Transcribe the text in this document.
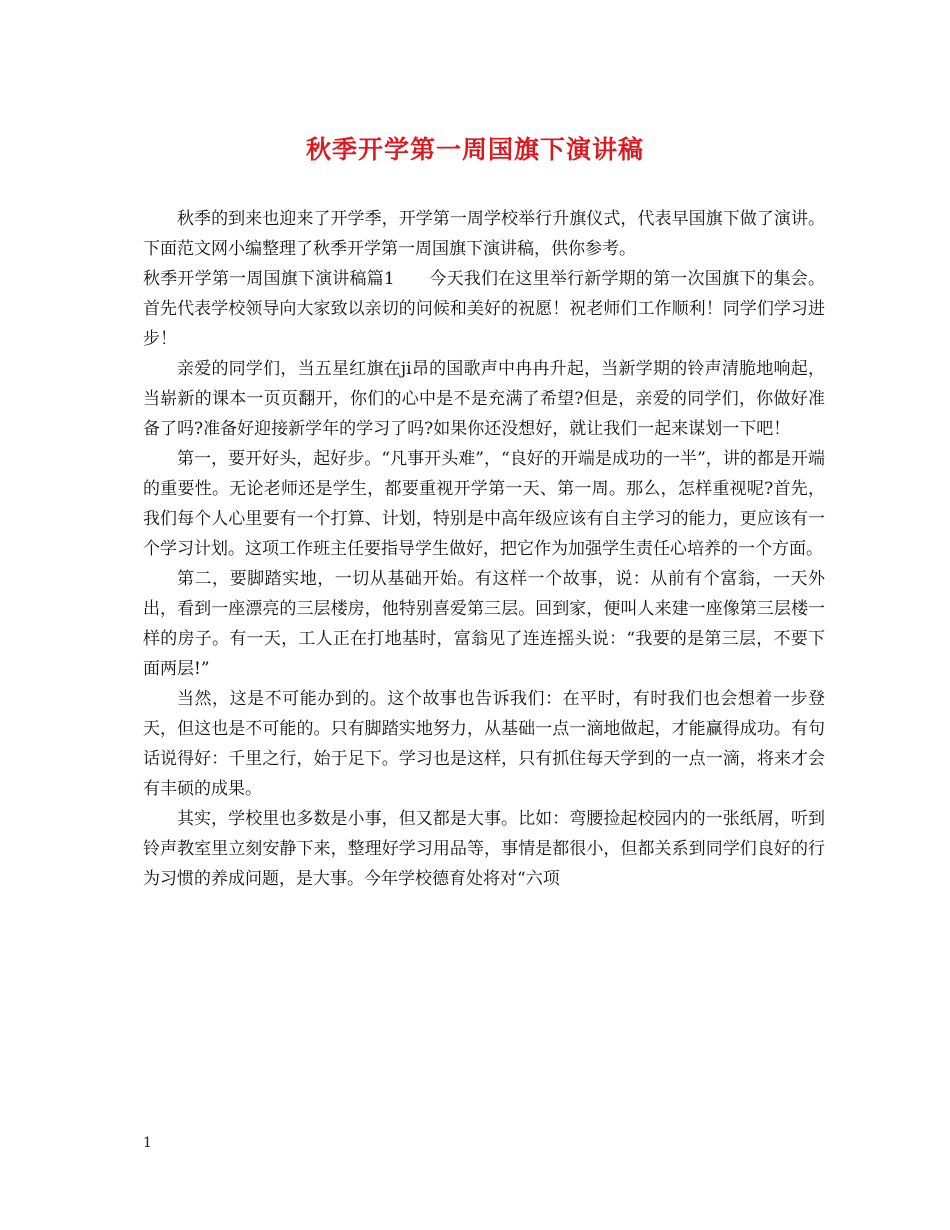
秋季开学第一周国旗下演讲稿

秋季的到来也迎来了开学季，开学第一周学校举行升旗仪式，代表早国旗下做了演讲。下面范文网小编整理了秋季开学第一周国旗下演讲稿，供你参考。

秋季开学第一周国旗下演讲稿篇1　　今天我们在这里举行新学期的第一次国旗下的集会。首先代表学校领导向大家致以亲切的问候和美好的祝愿！祝老师们工作顺利！同学们学习进步！

亲爱的同学们，当五星红旗在ji昂的国歌声中冉冉升起，当新学期的铃声清脆地响起，当崭新的课本一页页翻开，你们的心中是不是充满了希望?但是，亲爱的同学们，你做好准备了吗?准备好迎接新学年的学习了吗?如果你还没想好，就让我们一起来谋划一下吧！

第一，要开好头，起好步。“凡事开头难”，“良好的开端是成功的一半”，讲的都是开端的重要性。无论老师还是学生，都要重视开学第一天、第一周。那么，怎样重视呢?首先，我们每个人心里要有一个打算、计划，特别是中高年级应该有自主学习的能力，更应该有一个学习计划。这项工作班主任要指导学生做好，把它作为加强学生责任心培养的一个方面。

第二，要脚踏实地，一切从基础开始。有这样一个故事，说：从前有个富翁，一天外出，看到一座漂亮的三层楼房，他特别喜爱第三层。回到家，便叫人来建一座像第三层楼一样的房子。有一天，工人正在打地基时，富翁见了连连摇头说：“我要的是第三层，不要下面两层!”

当然，这是不可能办到的。这个故事也告诉我们：在平时，有时我们也会想着一步登天，但这也是不可能的。只有脚踏实地努力，从基础一点一滴地做起，才能赢得成功。有句话说得好：千里之行，始于足下。学习也是这样，只有抓住每天学到的一点一滴，将来才会有丰硕的成果。

其实，学校里也多数是小事，但又都是大事。比如：弯腰捡起校园内的一张纸屑，听到铃声教室里立刻安静下来，整理好学习用品等，事情是都很小，但都关系到同学们良好的行为习惯的养成问题，是大事。今年学校德育处将对“六项

1
